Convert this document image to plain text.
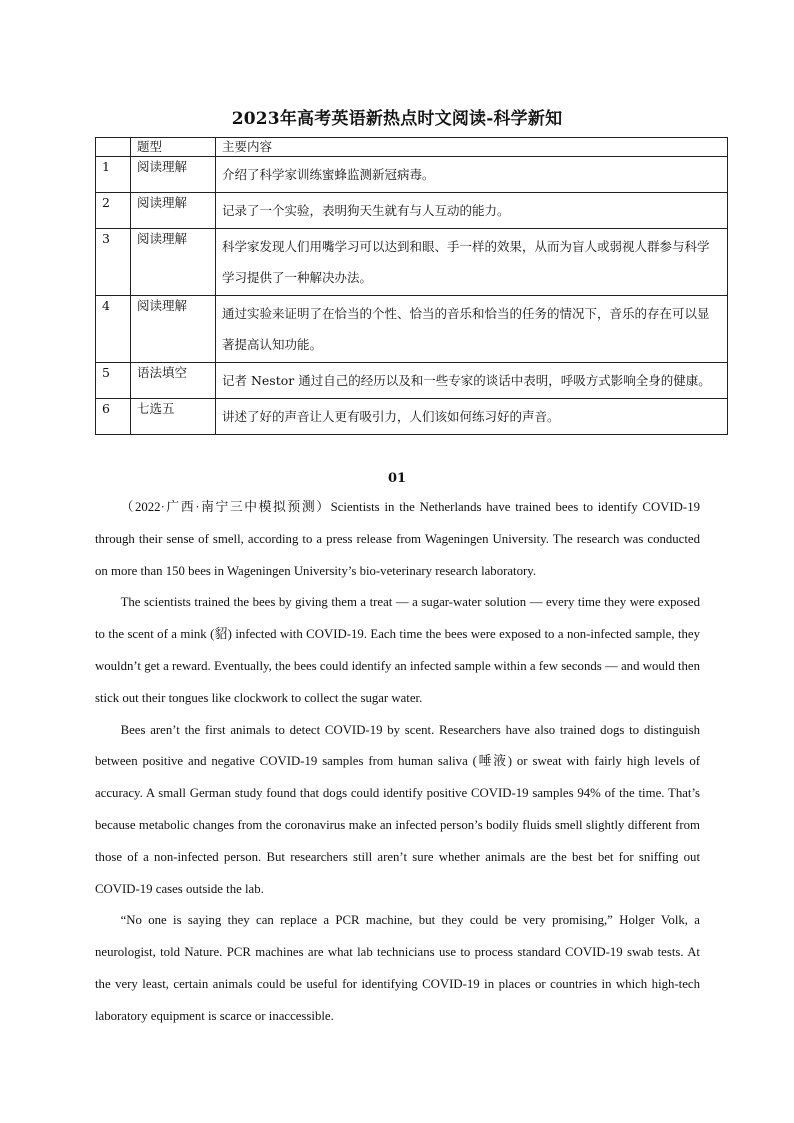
2023年高考英语新热点时文阅读-科学新知
	题型	主要内容
1	阅读理解	介绍了科学家训练蜜蜂监测新冠病毒。
2	阅读理解	记录了一个实验，表明狗天生就有与人互动的能力。
3	阅读理解	科学家发现人们用嘴学习可以达到和眼、手一样的效果，从而为盲人或弱视人群参与科学学习提供了一种解决办法。
4	阅读理解	通过实验来证明了在恰当的个性、恰当的音乐和恰当的任务的情况下，音乐的存在可以显著提高认知功能。
5	语法填空	记者 Nestor 通过自己的经历以及和一些专家的谈话中表明，呼吸方式影响全身的健康。
6	七选五	讲述了好的声音让人更有吸引力，人们该如何练习好的声音。
01

（2022·广西·南宁三中模拟预测）Scientists in the Netherlands have trained bees to identify COVID-19 through their sense of smell, according to a press release from Wageningen University. The research was conducted on more than 150 bees in Wageningen University’s bio-veterinary research laboratory.

The scientists trained the bees by giving them a treat — a sugar-water solution — every time they were exposed to the scent of a mink (貂) infected with COVID-19. Each time the bees were exposed to a non-infected sample, they wouldn’t get a reward. Eventually, the bees could identify an infected sample within a few seconds — and would then stick out their tongues like clockwork to collect the sugar water.

Bees aren’t the first animals to detect COVID-19 by scent. Researchers have also trained dogs to distinguish between positive and negative COVID-19 samples from human saliva (唾液) or sweat with fairly high levels of accuracy. A small German study found that dogs could identify positive COVID-19 samples 94% of the time. That’s because metabolic changes from the coronavirus make an infected person’s bodily fluids smell slightly different from those of a non-infected person. But researchers still aren’t sure whether animals are the best bet for sniffing out COVID-19 cases outside the lab.

“No one is saying they can replace a PCR machine, but they could be very promising,” Holger Volk, a neurologist, told Nature. PCR machines are what lab technicians use to process standard COVID-19 swab tests. At the very least, certain animals could be useful for identifying COVID-19 in places or countries in which high-tech laboratory equipment is scarce or inaccessible.
